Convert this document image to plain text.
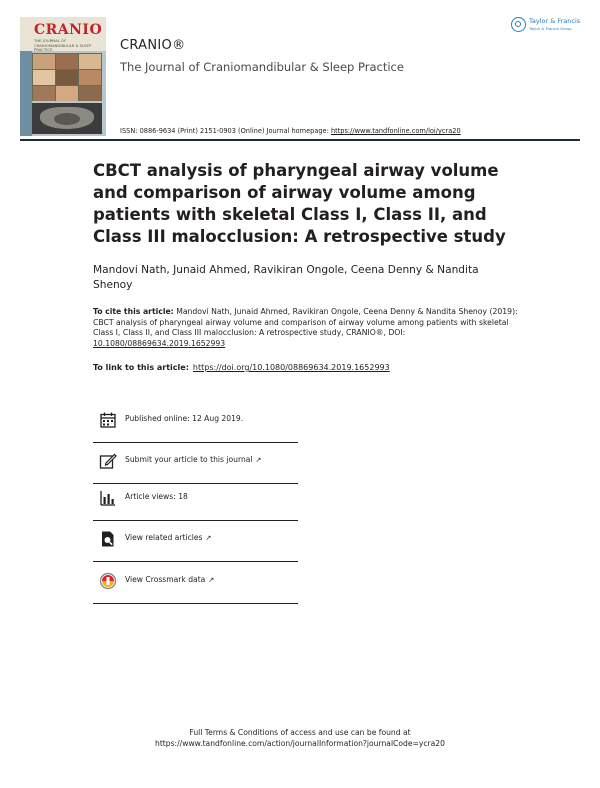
CRANIO
THE JOURNAL OF CRANIOMANDIBULAR & SLEEP PRACTICE	CRANIO®
The Journal of Craniomandibular & Sleep Practice
ISSN: 0886-9634 (Print) 2151-0903 (Online) Journal homepage: https://www.tandfonline.com/loi/ycra20
Taylor & Francis
Taylor & Francis Group
CBCT analysis of pharyngeal airway volume and comparison of airway volume among patients with skeletal Class I, Class II, and Class III malocclusion: A retrospective study
Mandovi Nath, Junaid Ahmed, Ravikiran Ongole, Ceena Denny & Nandita Shenoy
To cite this article: Mandovi Nath, Junaid Ahmed, Ravikiran Ongole, Ceena Denny & Nandita Shenoy (2019): CBCT analysis of pharyngeal airway volume and comparison of airway volume among patients with skeletal Class I, Class II, and Class III malocclusion: A retrospective study, CRANIO®, DOI: 10.1080/08869634.2019.1652993
To link to this article: https://doi.org/10.1080/08869634.2019.1652993
Published online: 12 Aug 2019.
Submit your article to this journal ↗
Article views: 18
View related articles ↗
View Crossmark data ↗
Full Terms & Conditions of access and use can be found at
https://www.tandfonline.com/action/journalInformation?journalCode=ycra20
